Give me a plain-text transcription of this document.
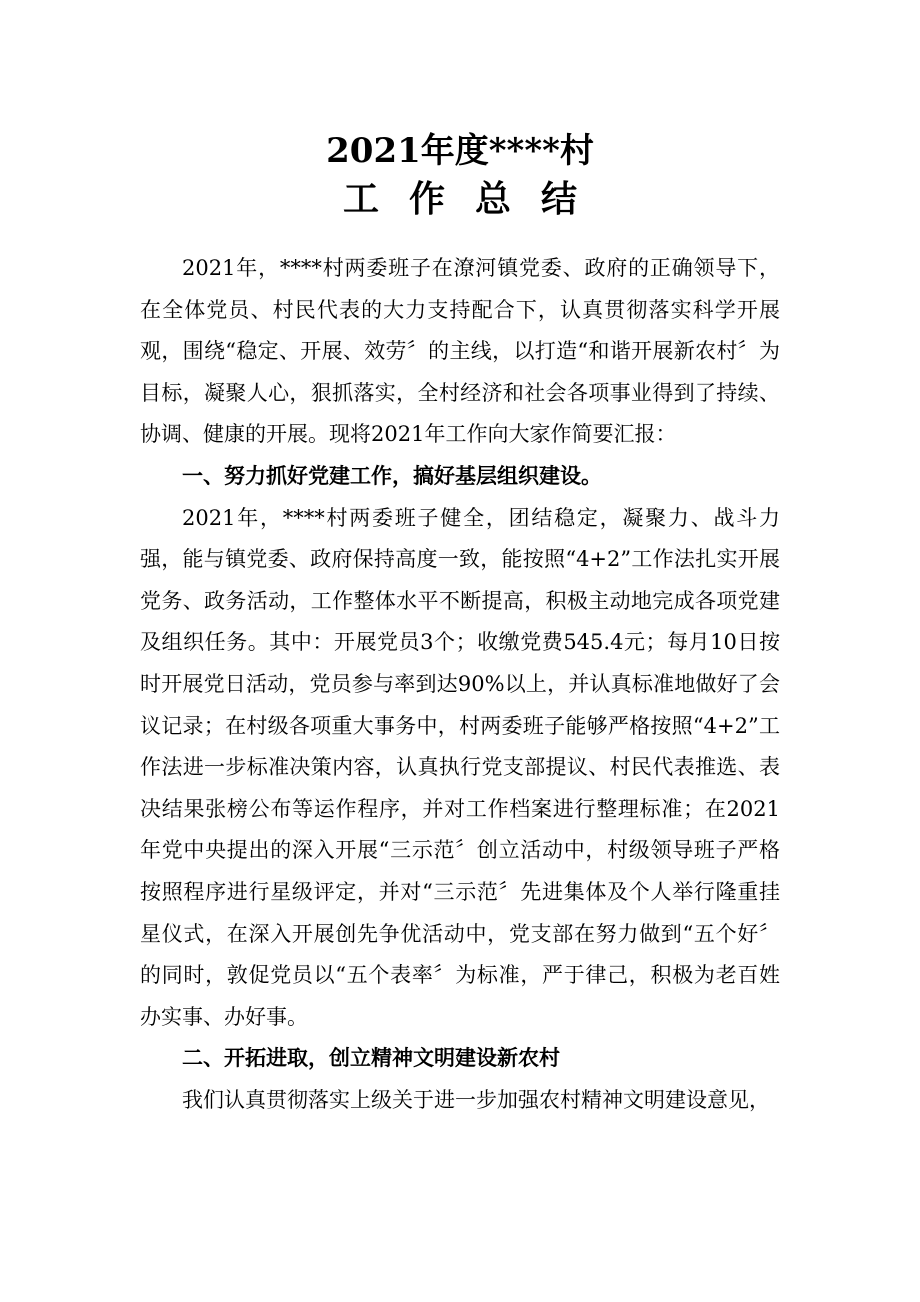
2021年度****村
工作总结

2021年，****村两委班子在潦河镇党委、政府的正确领导下，在全体党员、村民代表的大力支持配合下，认真贯彻落实科学开展观，围绕“稳定、开展、效劳〞的主线，以打造“和谐开展新农村〞为目标，凝聚人心，狠抓落实，全村经济和社会各项事业得到了持续、协调、健康的开展。现将2021年工作向大家作简要汇报：

一、努力抓好党建工作，搞好基层组织建设。

2021年，****村两委班子健全，团结稳定，凝聚力、战斗力强，能与镇党委、政府保持高度一致，能按照“4+2”工作法扎实开展党务、政务活动，工作整体水平不断提高，积极主动地完成各项党建及组织任务。其中：开展党员3个；收缴党费545.4元；每月10日按时开展党日活动，党员参与率到达90%以上，并认真标准地做好了会议记录；在村级各项重大事务中，村两委班子能够严格按照“4+2”工作法进一步标准决策内容，认真执行党支部提议、村民代表推选、表决结果张榜公布等运作程序，并对工作档案进行整理标准；在2021年党中央提出的深入开展“三示范〞创立活动中，村级领导班子严格按照程序进行星级评定，并对“三示范〞先进集体及个人举行隆重挂星仪式，在深入开展创先争优活动中，党支部在努力做到“五个好〞的同时，敦促党员以“五个表率〞为标准，严于律己，积极为老百姓办实事、办好事。

二、开拓进取，创立精神文明建设新农村

我们认真贯彻落实上级关于进一步加强农村精神文明建设意见，
